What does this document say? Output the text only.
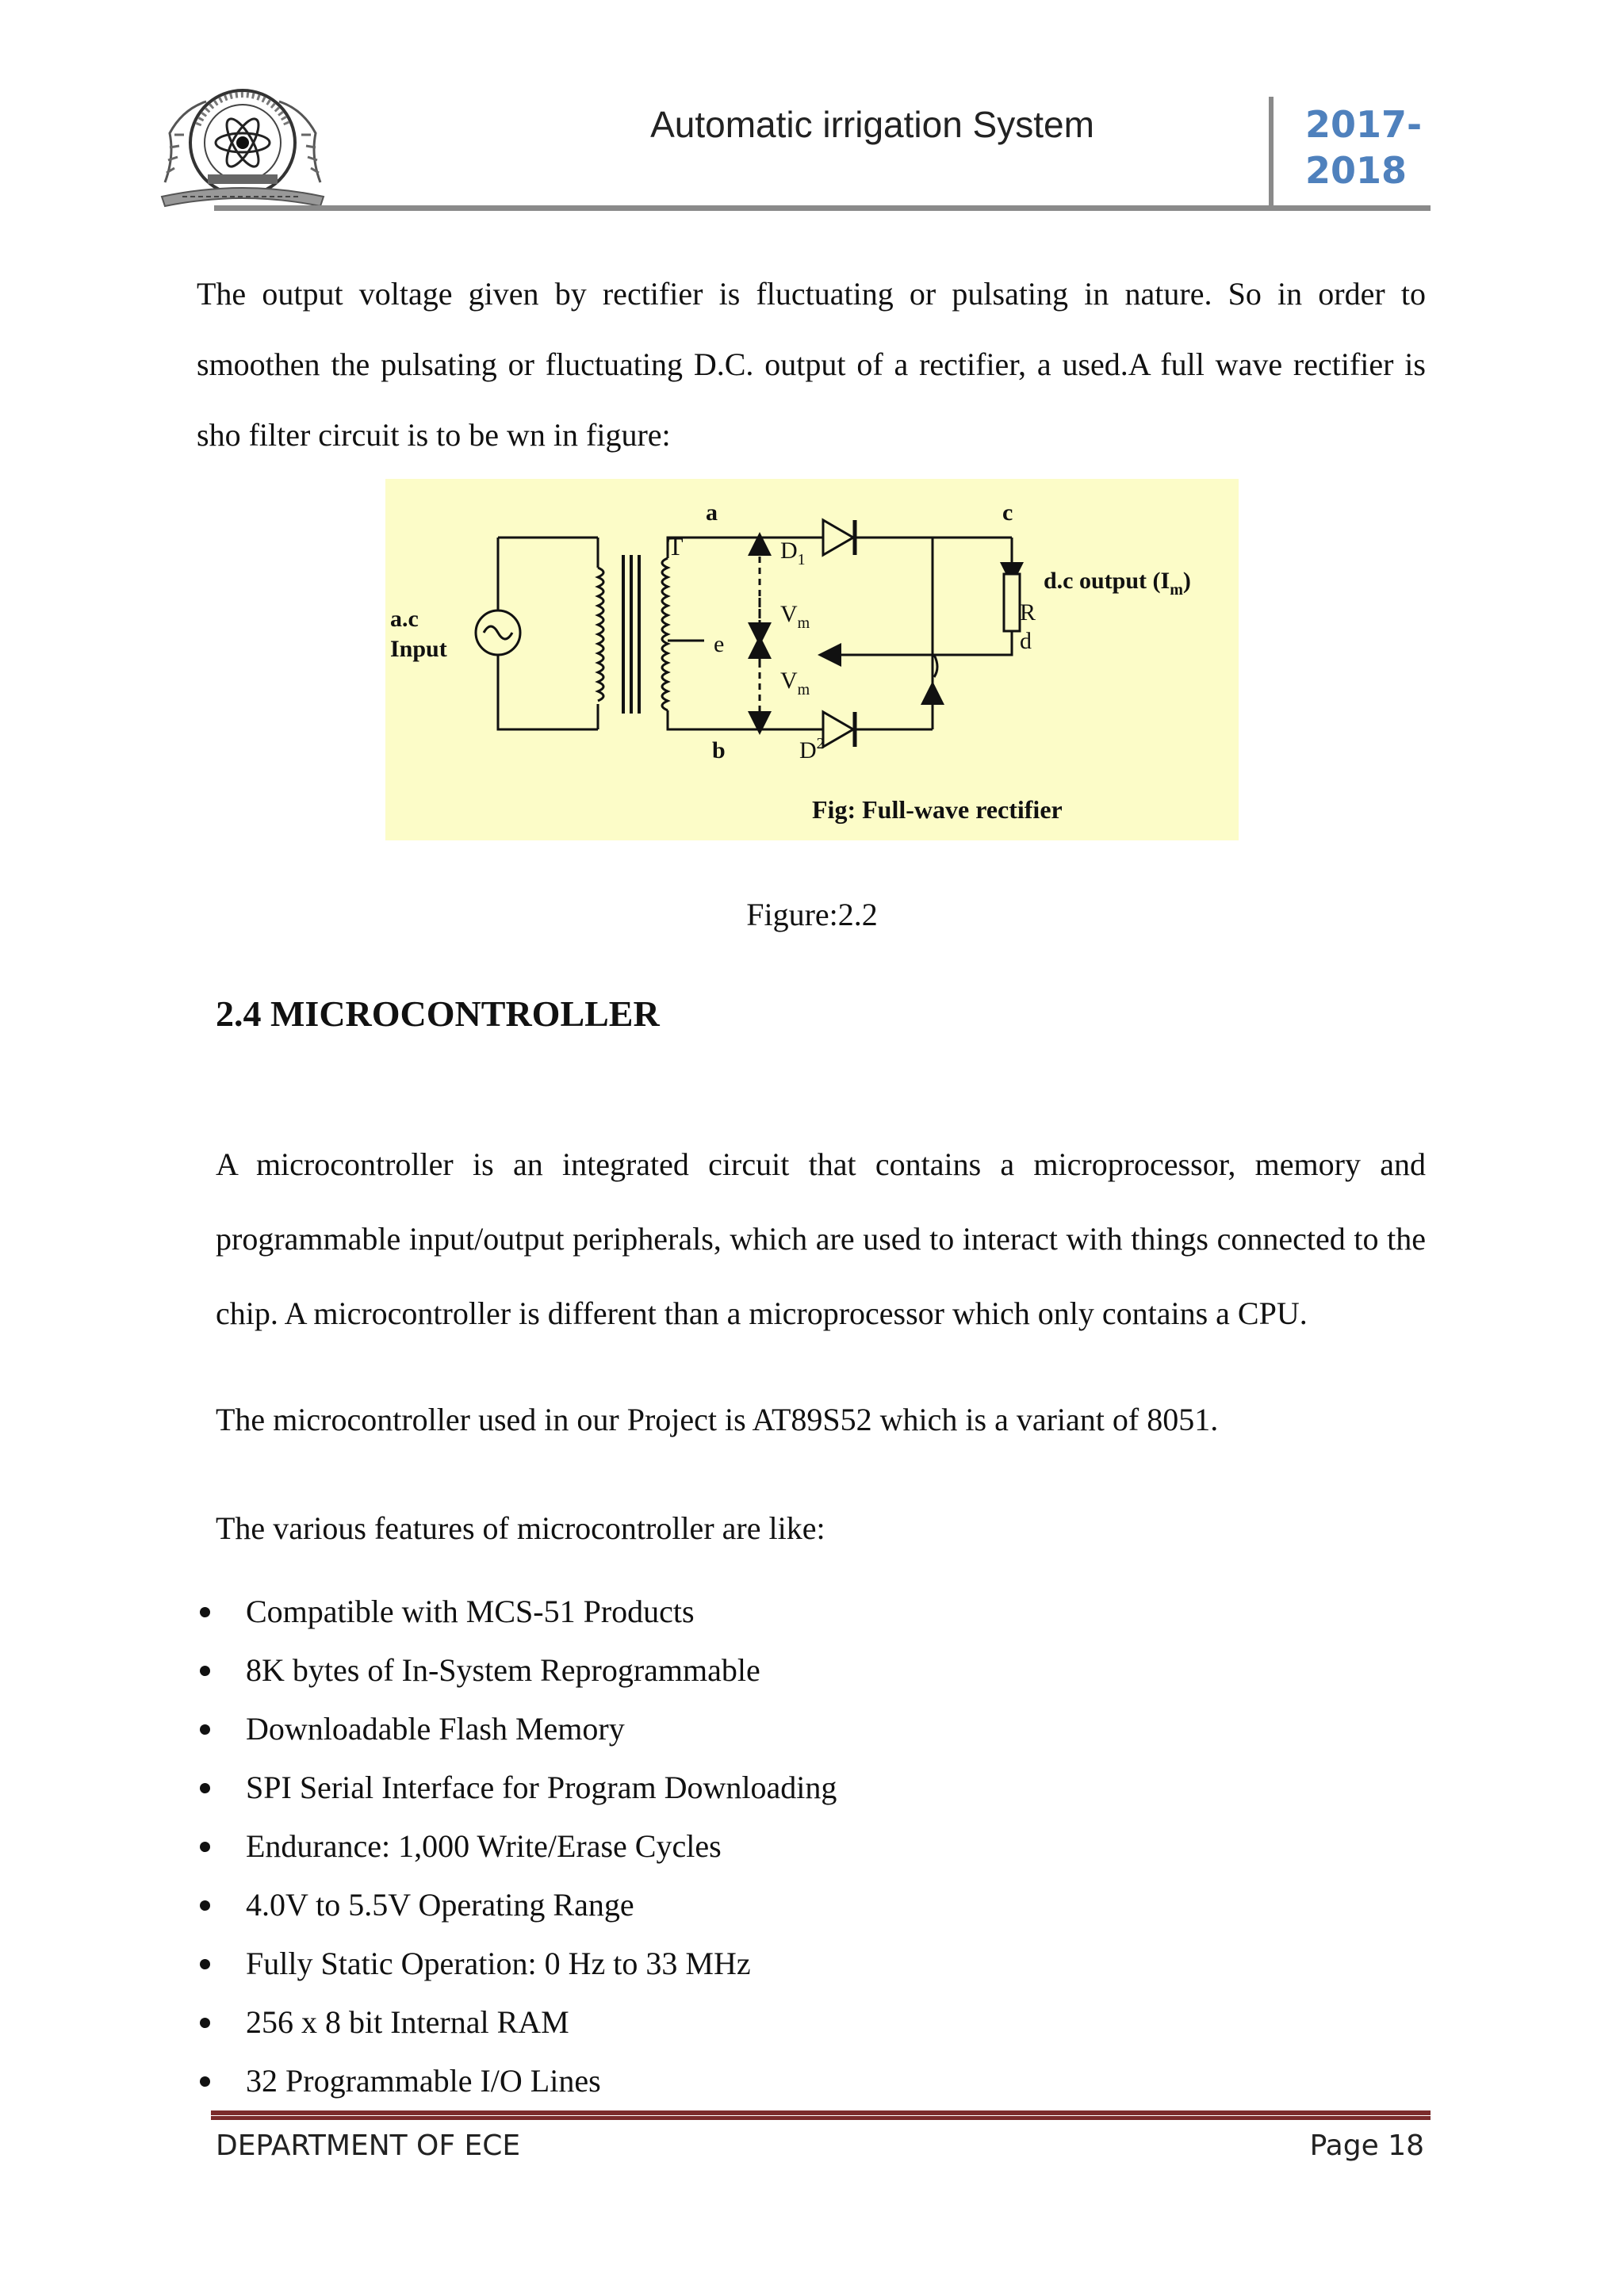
Automatic irrigation System	2017-
2018

The output voltage given by rectifier is fluctuating or pulsating in nature. So in order to smoothen the pulsating or fluctuating D.C. output of a rectifier, a used.A full wave rectifier is sho filter circuit is to be wn in figure:

a	c
T	$D_1$
$V_m$
e
$V_m$
b	$D^2$
R
d
a.c
Input
d.c output $(I_m)$
Fig: Full-wave rectifier
Figure:2.2
2.4 MICROCONTROLLER

A microcontroller is an integrated circuit that contains a microprocessor, memory and programmable input/output peripherals, which are used to interact with things connected to the chip. A microcontroller is different than a microprocessor which only contains a CPU.

The microcontroller used in our Project is AT89S52 which is a variant of 8051.

The various features of microcontroller are like:

Compatible with MCS-51 Products
8K bytes of In-System Reprogrammable
Downloadable Flash Memory
SPI Serial Interface for Program Downloading
Endurance: 1,000 Write/Erase Cycles
4.0V to 5.5V Operating Range
Fully Static Operation: 0 Hz to 33 MHz
256 x 8 bit Internal RAM
32 Programmable I/O Lines
DEPARTMENT OF ECE	Page 18
